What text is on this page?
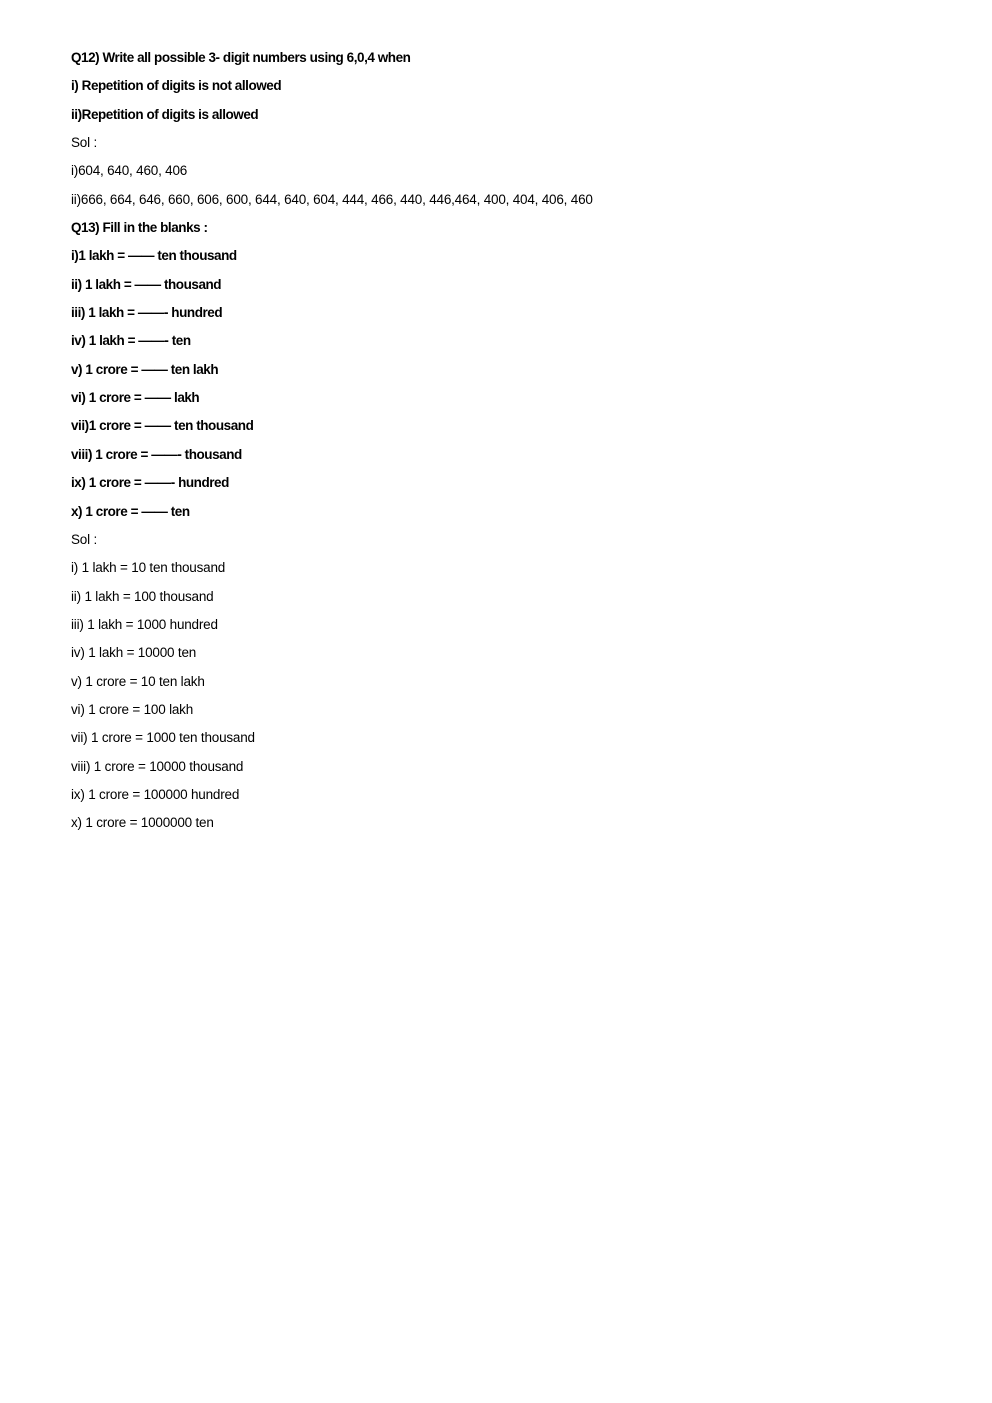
Q12) Write all possible 3- digit numbers using 6,0,4 when
i) Repetition of digits is not allowed
ii)Repetition of digits is allowed
Sol :
i)604, 640, 460, 406
ii)666, 664, 646, 660, 606, 600, 644, 640, 604, 444, 466, 440, 446,464, 400, 404, 406, 460
Q13) Fill in the blanks :
i)1 lakh = —— ten thousand
ii) 1 lakh = —— thousand
iii) 1 lakh = ——- hundred
iv) 1 lakh = ——- ten
v) 1 crore = —— ten lakh
vi) 1 crore = —— lakh
vii)1 crore = —— ten thousand
viii) 1 crore = ——- thousand
ix) 1 crore = ——- hundred
x) 1 crore = —— ten
Sol :
i) 1 lakh = 10 ten thousand
ii) 1 lakh = 100 thousand
iii) 1 lakh = 1000 hundred
iv) 1 lakh = 10000 ten
v) 1 crore = 10 ten lakh
vi) 1 crore = 100 lakh
vii) 1 crore = 1000 ten thousand
viii) 1 crore = 10000 thousand
ix) 1 crore = 100000 hundred
x) 1 crore = 1000000 ten
